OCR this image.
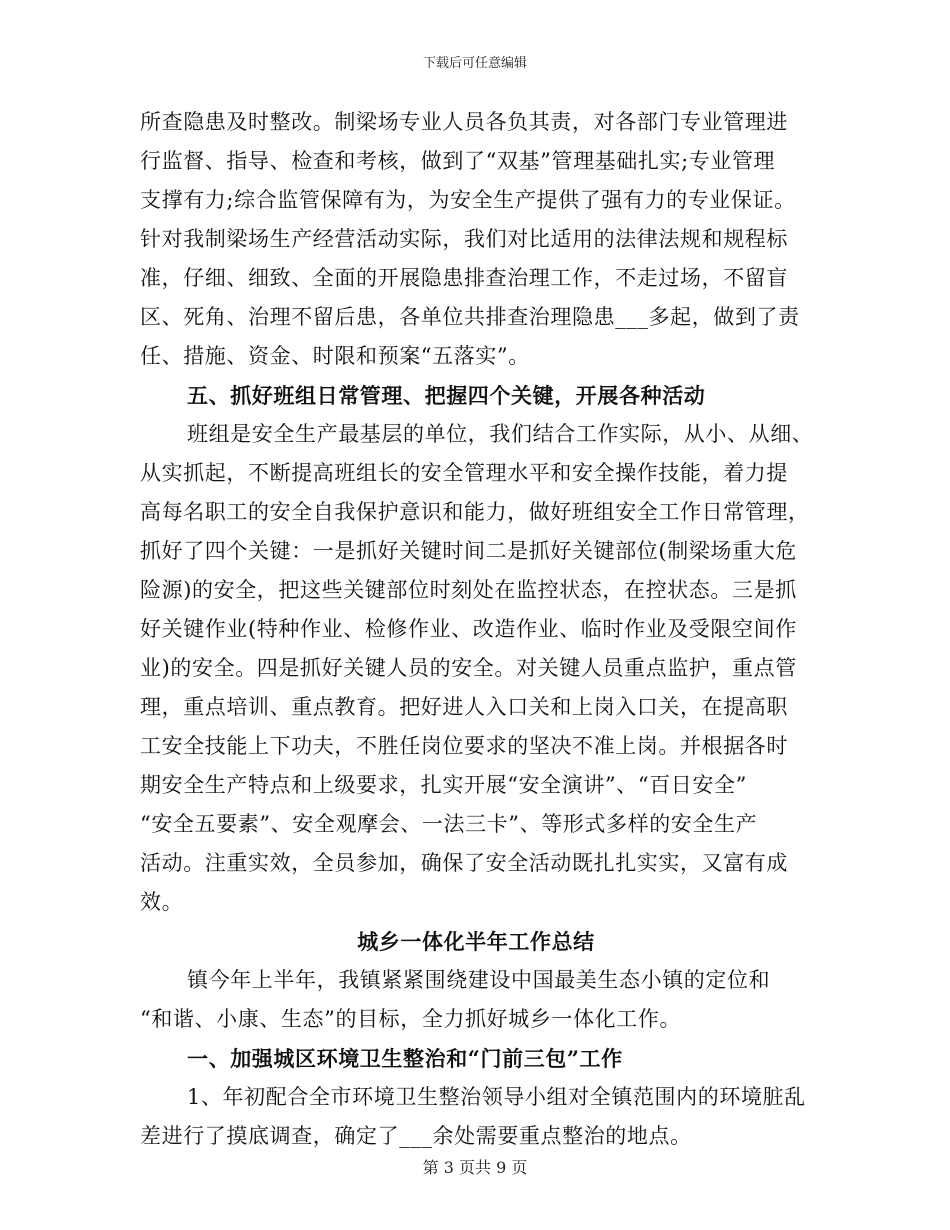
下载后可任意编辑
所查隐患及时整改。制梁场专业人员各负其责，对各部门专业管理进
行监督、指导、检查和考核，做到了“双基”管理基础扎实;专业管理
支撑有力;综合监管保障有为，为安全生产提供了强有力的专业保证。
针对我制梁场生产经营活动实际，我们对比适用的法律法规和规程标
准，仔细、细致、全面的开展隐患排查治理工作，不走过场，不留盲
区、死角、治理不留后患，各单位共排查治理隐患___多起，做到了责
任、措施、资金、时限和预案“五落实”。
五、抓好班组日常管理、把握四个关键，开展各种活动
班组是安全生产最基层的单位，我们结合工作实际，从小、从细、
从实抓起，不断提高班组长的安全管理水平和安全操作技能，着力提
高每名职工的安全自我保护意识和能力，做好班组安全工作日常管理，
抓好了四个关键：一是抓好关键时间二是抓好关键部位(制梁场重大危
险源)的安全，把这些关键部位时刻处在监控状态，在控状态。三是抓
好关键作业(特种作业、检修作业、改造作业、临时作业及受限空间作
业)的安全。四是抓好关键人员的安全。对关键人员重点监护，重点管
理，重点培训、重点教育。把好进人入口关和上岗入口关，在提高职
工安全技能上下功夫，不胜任岗位要求的坚决不准上岗。并根据各时
期安全生产特点和上级要求，扎实开展“安全演讲”、“百日安全”
“安全五要素”、安全观摩会、一法三卡”、等形式多样的安全生产
活动。注重实效，全员参加，确保了安全活动既扎扎实实，又富有成
效。
城乡一体化半年工作总结
镇今年上半年，我镇紧紧围绕建设中国最美生态小镇的定位和
“和谐、小康、生态”的目标，全力抓好城乡一体化工作。
一、加强城区环境卫生整治和“门前三包”工作
1、年初配合全市环境卫生整治领导小组对全镇范围内的环境脏乱
差进行了摸底调查，确定了___余处需要重点整治的地点。
第 3 页共 9 页
